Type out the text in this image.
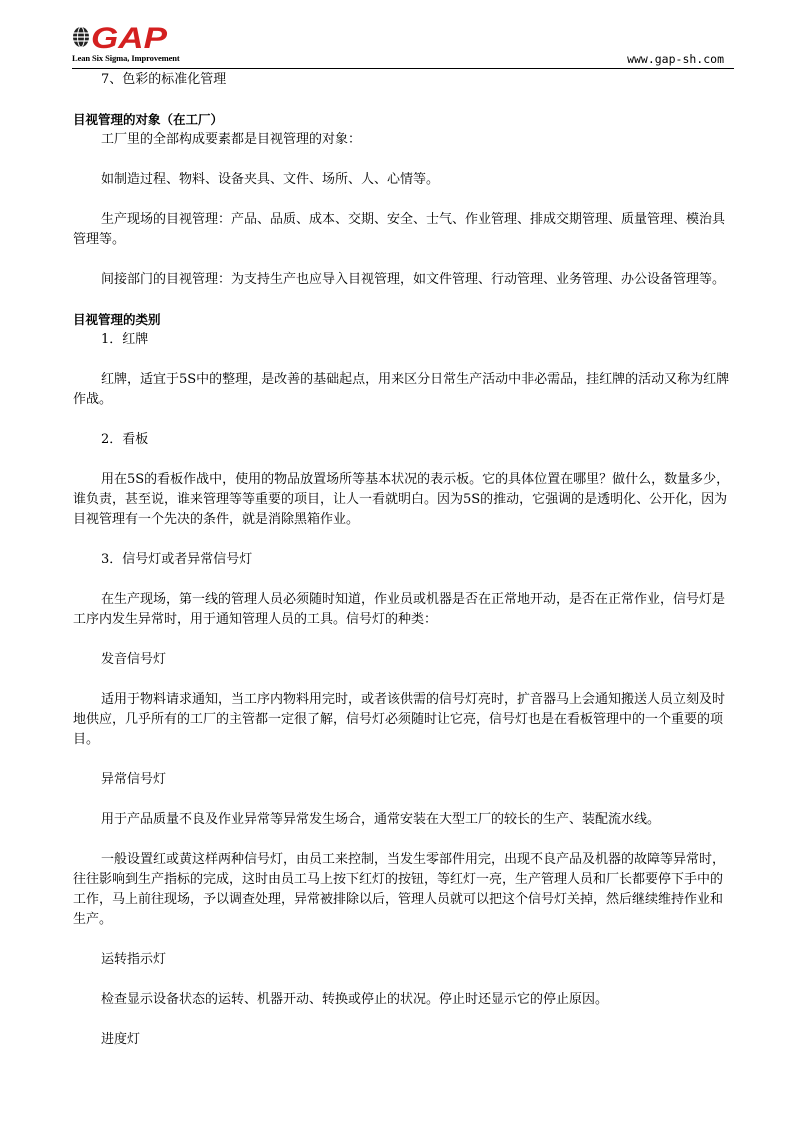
GAP
Lean Six Sigma, Improvement	www.gap-sh.com

7、色彩的标准化管理

目视管理的对象（在工厂）

工厂里的全部构成要素都是目视管理的对象：

如制造过程、物料、设备夹具、文件、场所、人、心情等。

生产现场的目视管理：产品、品质、成本、交期、安全、士气、作业管理、排成交期管理、质量管理、模治具管理等。

间接部门的目视管理：为支持生产也应导入目视管理，如文件管理、行动管理、业务管理、办公设备管理等。

目视管理的类别

1．红牌

红牌，适宜于5S中的整理，是改善的基础起点，用来区分日常生产活动中非必需品，挂红牌的活动又称为红牌作战。

2．看板

用在5S的看板作战中，使用的物品放置场所等基本状况的表示板。它的具体位置在哪里？做什么，数量多少，谁负责，甚至说，谁来管理等等重要的项目，让人一看就明白。因为5S的推动，它强调的是透明化、公开化，因为目视管理有一个先决的条件，就是消除黑箱作业。

3．信号灯或者异常信号灯

在生产现场，第一线的管理人员必须随时知道，作业员或机器是否在正常地开动，是否在正常作业，信号灯是工序内发生异常时，用于通知管理人员的工具。信号灯的种类：

发音信号灯

适用于物料请求通知，当工序内物料用完时，或者该供需的信号灯亮时，扩音器马上会通知搬送人员立刻及时地供应，几乎所有的工厂的主管都一定很了解，信号灯必须随时让它亮，信号灯也是在看板管理中的一个重要的项目。

异常信号灯

用于产品质量不良及作业异常等异常发生场合，通常安装在大型工厂的较长的生产、装配流水线。

一般设置红或黄这样两种信号灯，由员工来控制，当发生零部件用完，出现不良产品及机器的故障等异常时，往往影响到生产指标的完成，这时由员工马上按下红灯的按钮，等红灯一亮，生产管理人员和厂长都要停下手中的工作，马上前往现场，予以调查处理，异常被排除以后，管理人员就可以把这个信号灯关掉，然后继续维持作业和生产。

运转指示灯

检查显示设备状态的运转、机器开动、转换或停止的状况。停止时还显示它的停止原因。

进度灯
